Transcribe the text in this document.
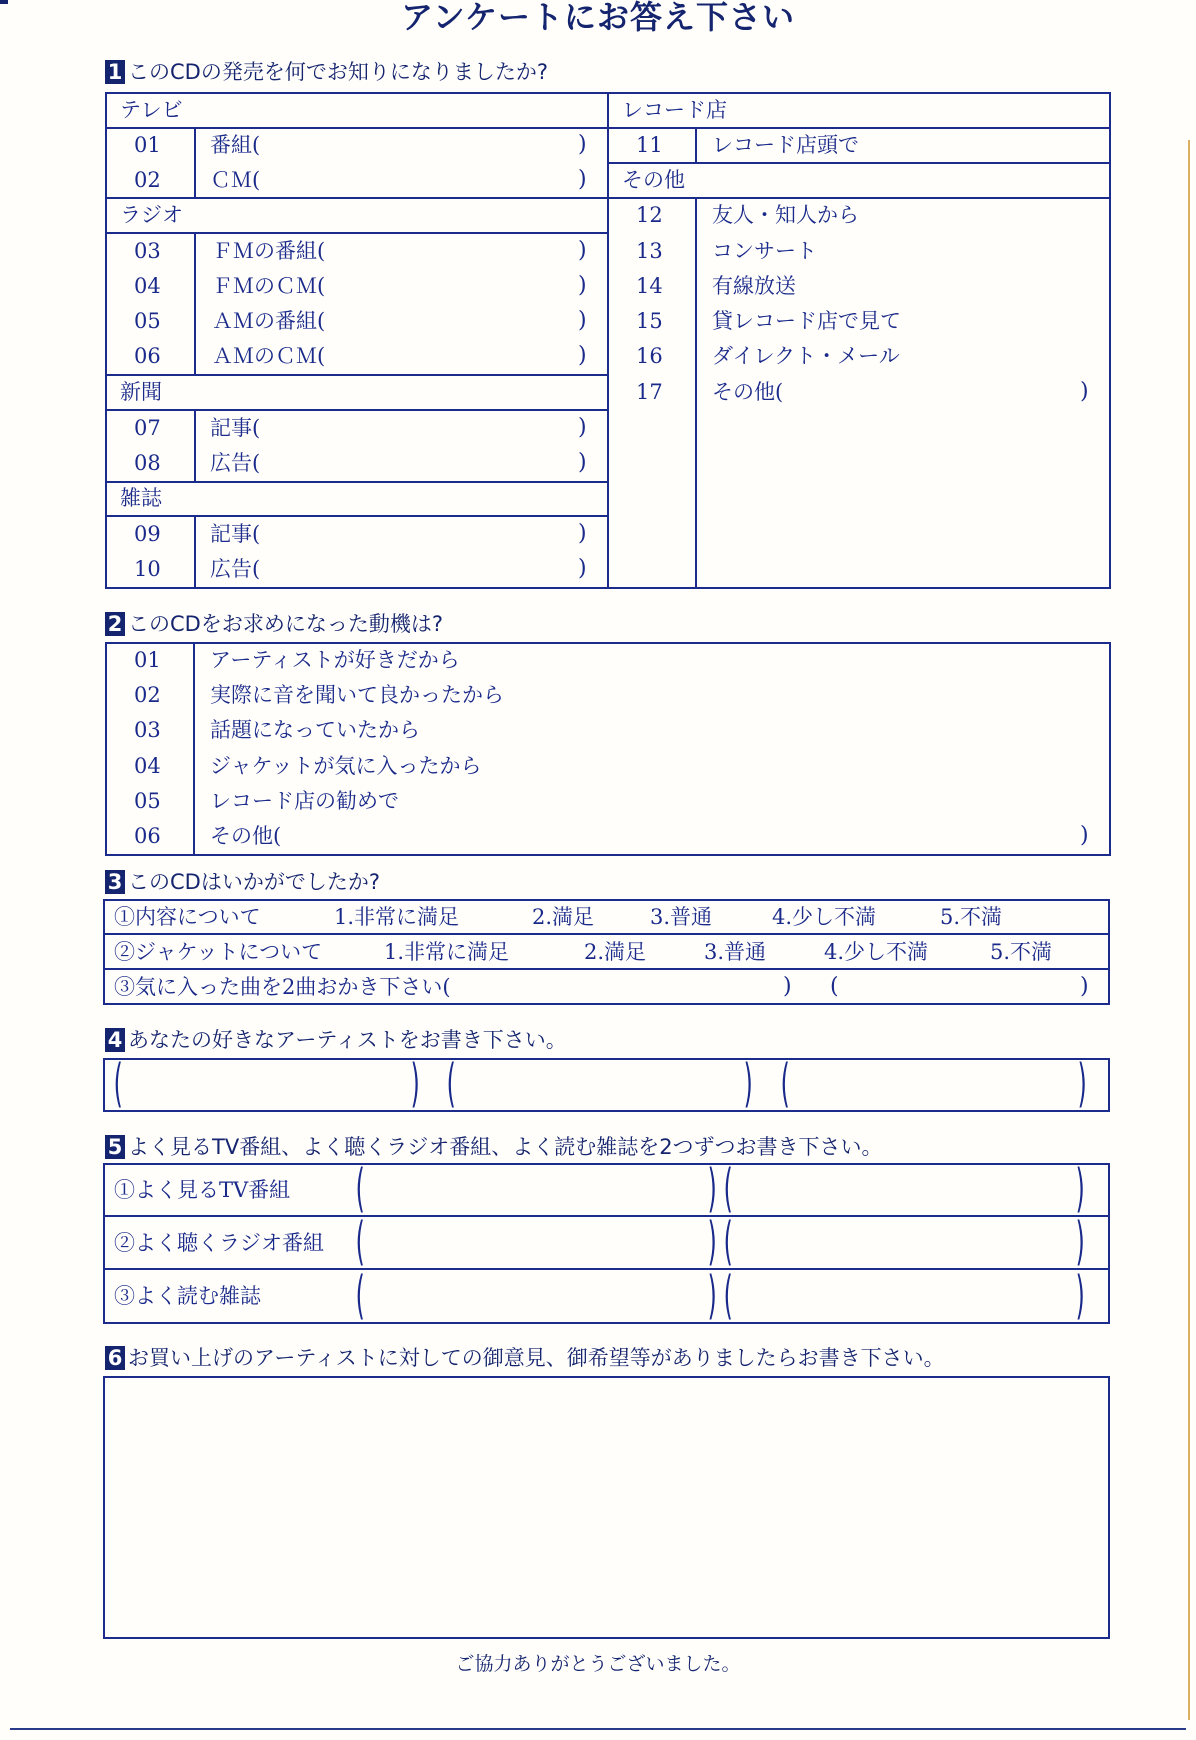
アンケートにお答え下さい
1 このCDの発売を何でお知りになりましたか?
テレビ
01 番組(	)
02 ＣＭ(	)
ラジオ
03 ＦＭの番組(	)
04 ＦＭのＣＭ(	)
05 ＡＭの番組(	)
06 ＡＭのＣＭ(	)
新聞
07 記事(	)
08 広告(	)
雑誌
09 記事(	)
10 広告(	)
レコード店
11 レコード店頭で
その他
12 友人・知人から
13 コンサート
14 有線放送
15 貸レコード店で見て
16 ダイレクト・メール
17 その他(	)
2 このCDをお求めになった動機は?
01 アーティストが好きだから
02 実際に音を聞いて良かったから
03 話題になっていたから
04 ジャケットが気に入ったから
05 レコード店の勧めで
06 その他(	)
3 このCDはいかがでしたか?
①内容について	1.非常に満足	2.満足	3.普通	4.少し不満	5.不満
②ジャケットについて	1.非常に満足	2.満足	3.普通	4.少し不満	5.不満
③気に入った曲を2曲おかき下さい(	) (	)
4 あなたの好きなアーティストをお書き下さい。
(	) (	) (	)
5 よく見るTV番組、よく聴くラジオ番組、よく読む雑誌を2つずつお書き下さい。
①よく見るTV番組 (	) (	)
②よく聴くラジオ番組 (	) (	)
③よく読む雑誌 (	) (	)
6 お買い上げのアーティストに対しての御意見、御希望等がありましたらお書き下さい。
ご協力ありがとうございました。
